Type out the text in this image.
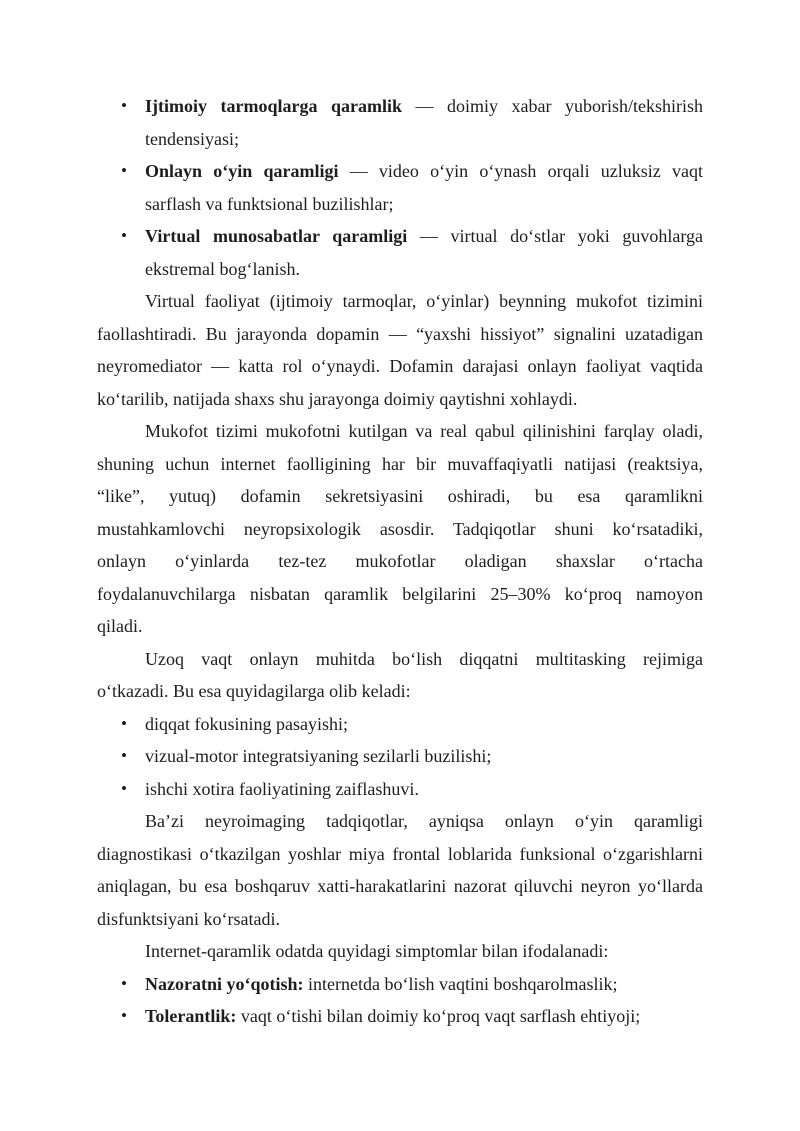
• Ijtimoiy tarmoqlarga qaramlik — doimiy xabar yuborish/tekshirish
tendensiyasi;
• Onlayn o‘yin qaramligi — video o‘yin o‘ynash orqali uzluksiz vaqt
sarflash va funktsional buzilishlar;
• Virtual munosabatlar qaramligi — virtual do‘stlar yoki guvohlarga
ekstremal bog‘lanish.
Virtual faoliyat (ijtimoiy tarmoqlar, o‘yinlar) beynning mukofot tizimini
faollashtiradi. Bu jarayonda dopamin — “yaxshi hissiyot” signalini uzatadigan
neyromediator — katta rol o‘ynaydi. Dofamin darajasi onlayn faoliyat vaqtida
ko‘tarilib, natijada shaxs shu jarayonga doimiy qaytishni xohlaydi.
Mukofot tizimi mukofotni kutilgan va real qabul qilinishini farqlay oladi,
shuning uchun internet faolligining har bir muvaffaqiyatli natijasi (reaktsiya,
“like”, yutuq) dofamin sekretsiyasini oshiradi, bu esa qaramlikni
mustahkamlovchi neyropsixologik asosdir. Tadqiqotlar shuni ko‘rsatadiki,
onlayn o‘yinlarda tez-tez mukofotlar oladigan shaxslar o‘rtacha
foydalanuvchilarga nisbatan qaramlik belgilarini 25–30% ko‘proq namoyon
qiladi.
Uzoq vaqt onlayn muhitda bo‘lish diqqatni multitasking rejimiga
o‘tkazadi. Bu esa quyidagilarga olib keladi:
• diqqat fokusining pasayishi;
• vizual-motor integratsiyaning sezilarli buzilishi;
• ishchi xotira faoliyatining zaiflashuvi.
Ba’zi neyroimaging tadqiqotlar, ayniqsa onlayn o‘yin qaramligi
diagnostikasi o‘tkazilgan yoshlar miya frontal loblarida funksional o‘zgarishlarni
aniqlagan, bu esa boshqaruv xatti-harakatlarini nazorat qiluvchi neyron yo‘llarda
disfunktsiyani ko‘rsatadi.
Internet-qaramlik odatda quyidagi simptomlar bilan ifodalanadi:
• Nazoratni yo‘qotish: internetda bo‘lish vaqtini boshqarolmaslik;
• Tolerantlik: vaqt o‘tishi bilan doimiy ko‘proq vaqt sarflash ehtiyoji;
